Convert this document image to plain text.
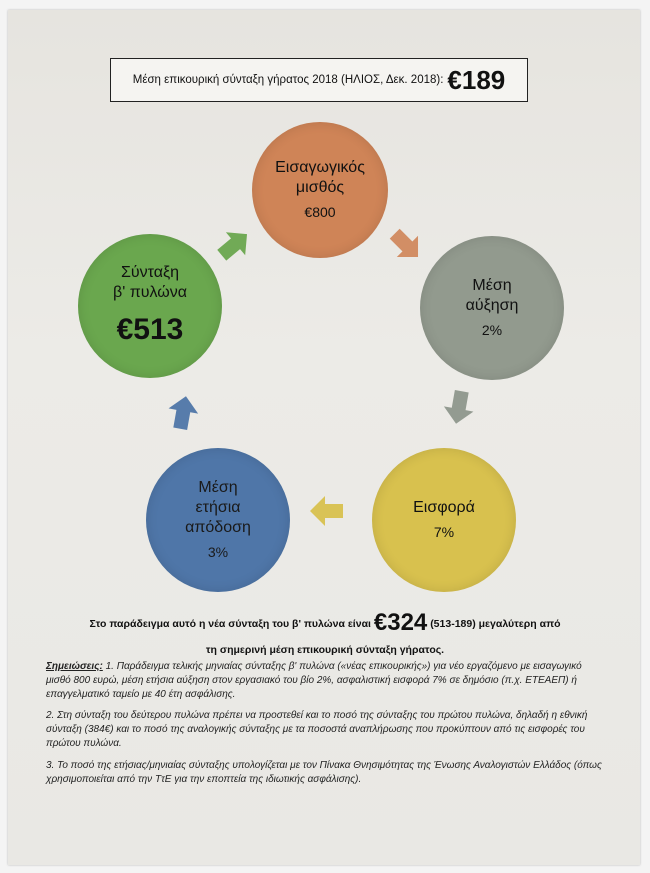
Μέση επικουρική σύνταξη γήρατος 2018 (ΗΛΙΟΣ, Δεκ. 2018): €189
Εισαγωγικός
μισθός
€800
Μέση
αύξηση
2%
Εισφορά
7%
Μέση
ετήσια
απόδοση
3%
Σύνταξη
β' πυλώνα
€513
Στο παράδειγμα αυτό η νέα σύνταξη του β' πυλώνα είναι €324 (513-189) μεγαλύτερη από
τη σημερινή μέση επικουρική σύνταξη γήρατος.

Σημειώσεις: 1. Παράδειγμα τελικής μηνιαίας σύνταξης β' πυλώνα («νέας επικουρικής») για νέο εργαζόμενο με εισαγωγικό μισθό 800 ευρώ, μέση ετήσια αύξηση στον εργασιακό του βίο 2%, ασφαλιστική εισφορά 7% σε δημόσιο (π.χ. ΕΤΕΑΕΠ) ή επαγγελματικό ταμείο με 40 έτη ασφάλισης.

2. Στη σύνταξη του δεύτερου πυλώνα πρέπει να προστεθεί και το ποσό της σύνταξης του πρώτου πυλώνα, δηλαδή η εθνική σύνταξη (384€) και το ποσό της αναλογικής σύνταξης με τα ποσοστά αναπλήρωσης που προκύπτουν από τις εισφορές του πρώτου πυλώνα.

3. Το ποσό της ετήσιας/μηνιαίας σύνταξης υπολογίζεται με τον Πίνακα Θνησιμότητας της Ένωσης Αναλογιστών Ελλάδος (όπως χρησιμοποιείται από την ΤτΕ για την εποπτεία της ιδιωτικής ασφάλισης).
